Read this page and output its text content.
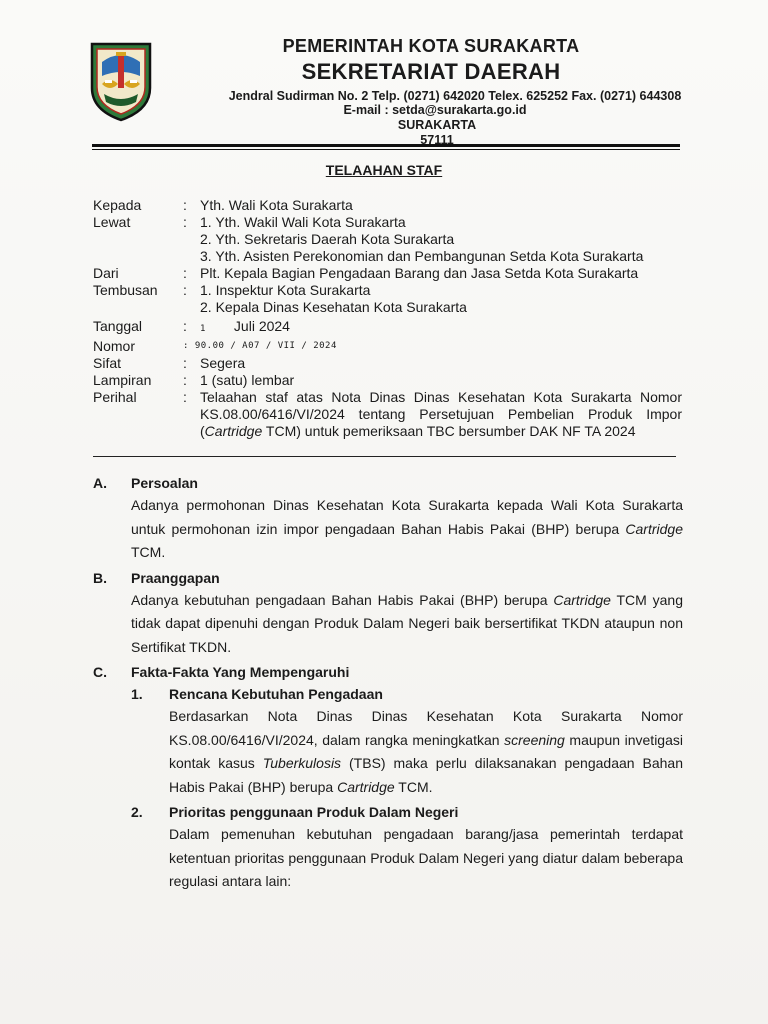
PEMERINTAH KOTA SURAKARTA
SEKRETARIAT DAERAH
Jendral Sudirman No. 2 Telp. (0271) 642020 Telex. 625252 Fax. (0271) 644308
E-mail : setda@surakarta.go.id
SURAKARTA
57111
TELAAHAN STAF
Kepada	: Yth. Wali Kota Surakarta
Lewat	: 1. Yth. Wakil Wali Kota Surakarta
2. Yth. Sekretaris Daerah Kota Surakarta
3. Yth. Asisten Perekonomian dan Pembangunan Setda Kota Surakarta
Dari	: Plt. Kepala Bagian Pengadaan Barang dan Jasa Setda Kota Surakarta
Tembusan	: 1. Inspektur Kota Surakarta
2. Kepala Dinas Kesehatan Kota Surakarta
Tanggal	:	1 Juli 2024
Nomor	: 90.00 / A07 / VII / 2024
Sifat	: Segera
Lampiran	: 1 (satu) lembar
Perihal	: Telaahan staf atas Nota Dinas Dinas Kesehatan Kota Surakarta Nomor KS.08.00/6416/VI/2024 tentang Persetujuan Pembelian Produk Impor (Cartridge TCM) untuk pemeriksaan TBC bersumber DAK NF TA 2024
A.	Persoalan
Adanya permohonan Dinas Kesehatan Kota Surakarta kepada Wali Kota Surakarta untuk permohonan izin impor pengadaan Bahan Habis Pakai (BHP) berupa Cartridge TCM.
B.	Praanggapan
Adanya kebutuhan pengadaan Bahan Habis Pakai (BHP) berupa Cartridge TCM yang tidak dapat dipenuhi dengan Produk Dalam Negeri baik bersertifikat TKDN ataupun non Sertifikat TKDN.
C.	Fakta-Fakta Yang Mempengaruhi
1.	Rencana Kebutuhan Pengadaan
Berdasarkan Nota Dinas Dinas Kesehatan Kota Surakarta Nomor KS.08.00/6416/VI/2024, dalam rangka meningkatkan screening maupun invetigasi kontak kasus Tuberkulosis (TBS) maka perlu dilaksanakan pengadaan Bahan Habis Pakai (BHP) berupa Cartridge TCM.
2.	Prioritas penggunaan Produk Dalam Negeri
Dalam pemenuhan kebutuhan pengadaan barang/jasa pemerintah terdapat ketentuan prioritas penggunaan Produk Dalam Negeri yang diatur dalam beberapa regulasi antara lain:
